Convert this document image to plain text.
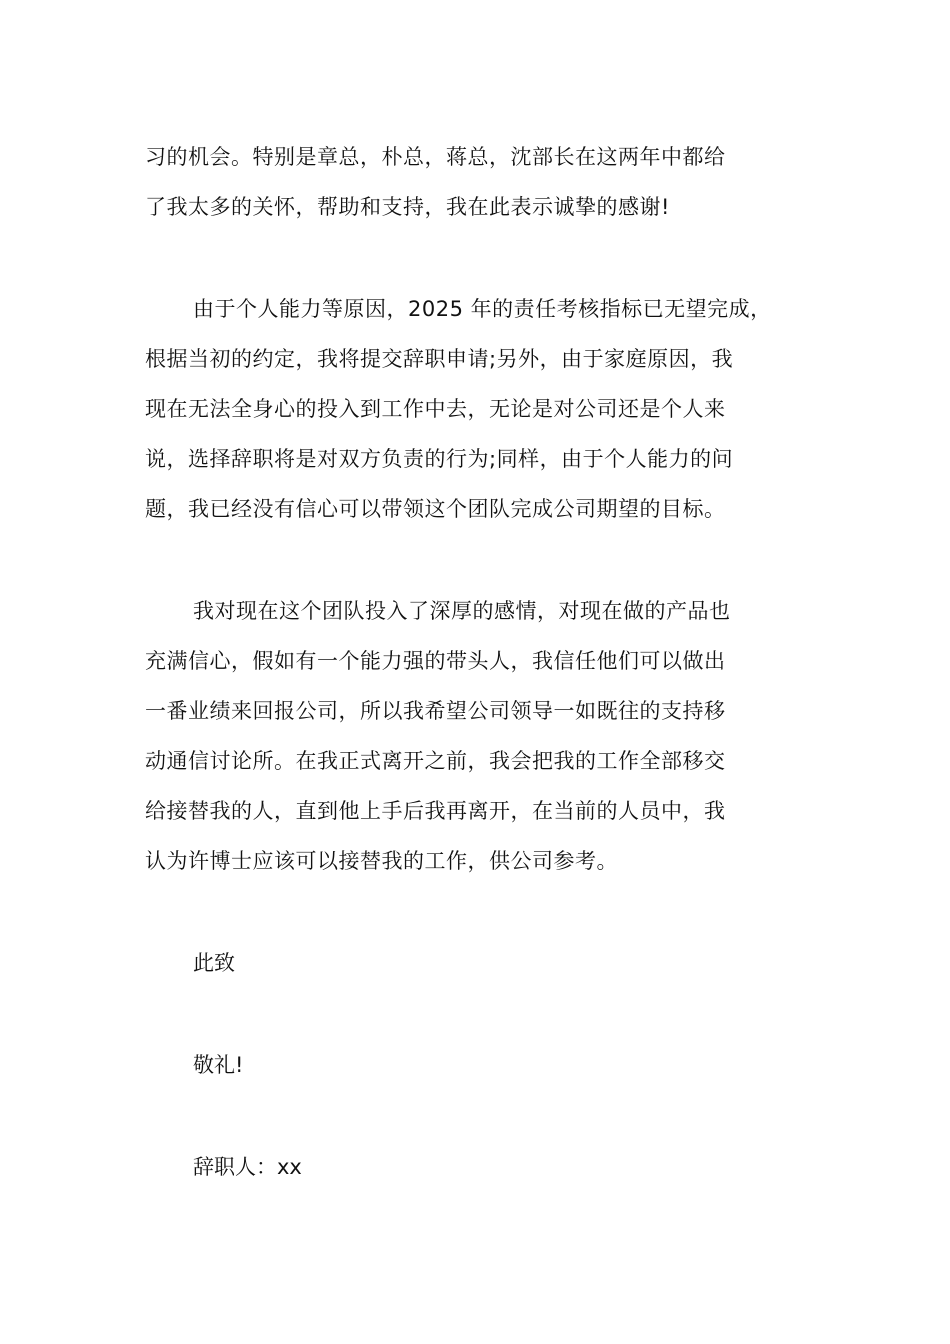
习的机会。特别是章总，朴总，蒋总，沈部长在这两年中都给
了我太多的关怀，帮助和支持，我在此表示诚挚的感谢!

由于个人能力等原因，2025 年的责任考核指标已无望完成，
根据当初的约定，我将提交辞职申请;另外，由于家庭原因，我
现在无法全身心的投入到工作中去，无论是对公司还是个人来
说，选择辞职将是对双方负责的行为;同样，由于个人能力的问
题，我已经没有信心可以带领这个团队完成公司期望的目标。

我对现在这个团队投入了深厚的感情，对现在做的产品也
充满信心，假如有一个能力强的带头人，我信任他们可以做出
一番业绩来回报公司，所以我希望公司领导一如既往的支持移
动通信讨论所。在我正式离开之前，我会把我的工作全部移交
给接替我的人，直到他上手后我再离开，在当前的人员中，我
认为许博士应该可以接替我的工作，供公司参考。

此致

敬礼!

辞职人：xx
